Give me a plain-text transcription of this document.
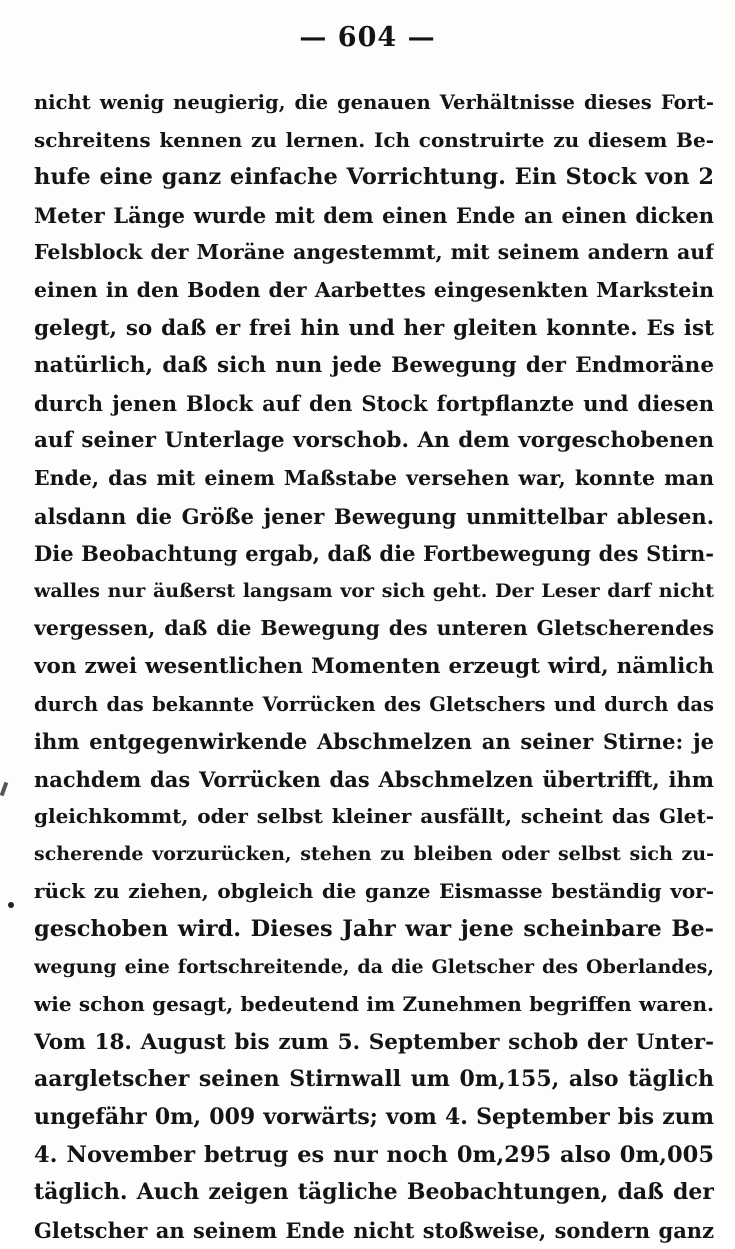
— 604 —
nicht wenig neugierig, die genauen Verhältnisse dieses Fort-
schreitens kennen zu lernen. Ich construirte zu diesem Be-
hufe eine ganz einfache Vorrichtung. Ein Stock von 2
Meter Länge wurde mit dem einen Ende an einen dicken
Felsblock der Moräne angestemmt, mit seinem andern auf
einen in den Boden der Aarbettes eingesenkten Markstein
gelegt, so daß er frei hin und her gleiten konnte. Es ist
natürlich, daß sich nun jede Bewegung der Endmoräne
durch jenen Block auf den Stock fortpflanzte und diesen
auf seiner Unterlage vorschob. An dem vorgeschobenen
Ende, das mit einem Maßstabe versehen war, konnte man
alsdann die Größe jener Bewegung unmittelbar ablesen.
Die Beobachtung ergab, daß die Fortbewegung des Stirn-
walles nur äußerst langsam vor sich geht. Der Leser darf nicht
vergessen, daß die Bewegung des unteren Gletscherendes
von zwei wesentlichen Momenten erzeugt wird, nämlich
durch das bekannte Vorrücken des Gletschers und durch das
ihm entgegenwirkende Abschmelzen an seiner Stirne: je
nachdem das Vorrücken das Abschmelzen übertrifft, ihm
gleichkommt, oder selbst kleiner ausfällt, scheint das Glet-
scherende vorzurücken, stehen zu bleiben oder selbst sich zu-
rück zu ziehen, obgleich die ganze Eismasse beständig vor-
geschoben wird. Dieses Jahr war jene scheinbare Be-
wegung eine fortschreitende, da die Gletscher des Oberlandes,
wie schon gesagt, bedeutend im Zunehmen begriffen waren.
Vom 18. August bis zum 5. September schob der Unter-
aargletscher seinen Stirnwall um 0m,155, also täglich
ungefähr 0m, 009 vorwärts; vom 4. September bis zum
4. November betrug es nur noch 0m,295 also 0m,005
täglich. Auch zeigen tägliche Beobachtungen, daß der
Gletscher an seinem Ende nicht stoßweise, sondern ganz
